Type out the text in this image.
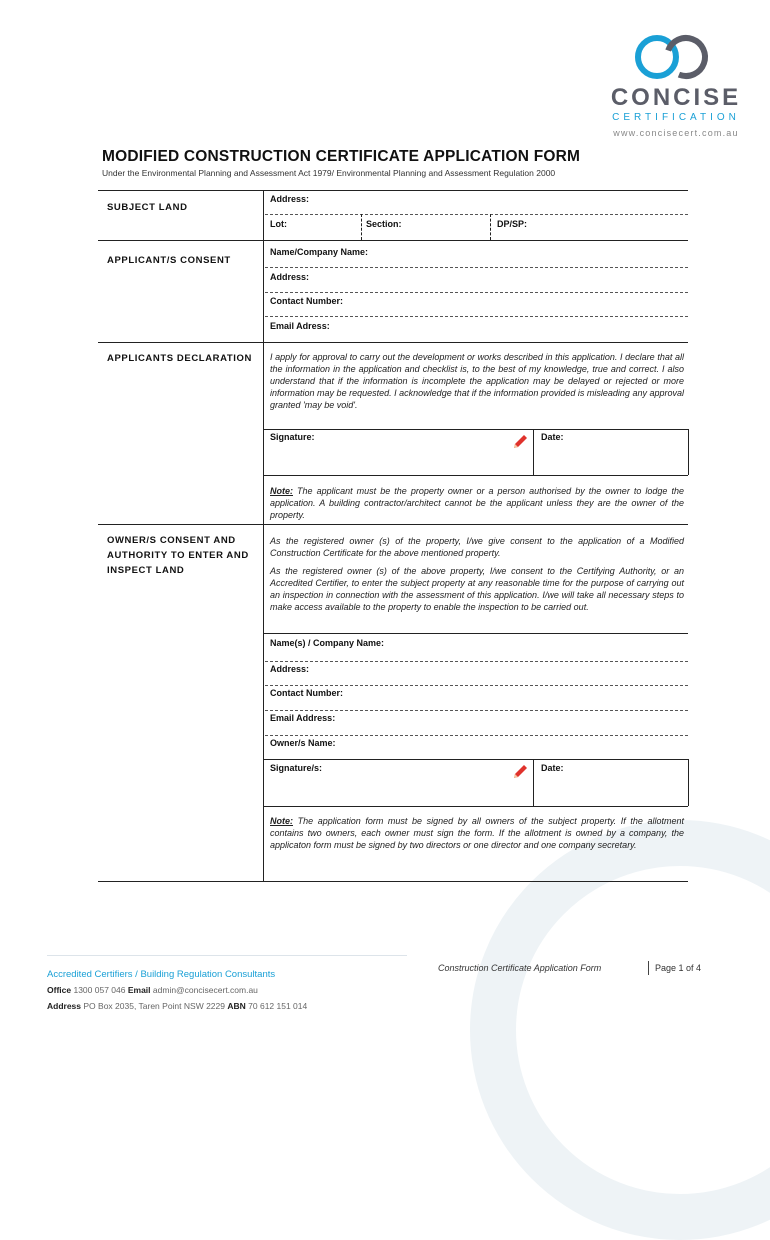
CONCISE
CERTIFICATION
www.concisecert.com.au
MODIFIED CONSTRUCTION CERTIFICATE APPLICATION FORM
Under the Environmental Planning and Assessment Act 1979/ Environmental Planning and Assessment Regulation 2000
SUBJECT LAND
Address:
Lot:	Section:	DP/SP:
APPLICANT/S CONSENT
Name/Company Name:
Address:
Contact Number:
Email Adress:
APPLICANTS DECLARATION I apply for approval to carry out the development or works described in this application. I declare that all the information in the application and checklist is, to the best of my knowledge, true and correct. I also understand that if the information is incomplete the application may be delayed or rejected or more information may be requested. I acknowledge that if the information provided is misleading any approval granted 'may be void'.
Signature:	Date:
Note: The applicant must be the property owner or a person authorised by the owner to lodge the application. A building contractor/architect cannot be the applicant unless they are the owner of the property.
OWNER/S CONSENT AND
AUTHORITY TO ENTER AND
INSPECT LAND
As the registered owner (s) of the property, I/we give consent to the application of a Modified Construction Certificate for the above mentioned property.
As the registered owner (s) of the above property, I/we consent to the Certifying Authority, or an Accredited Certifier, to enter the subject property at any reasonable time for the purpose of carrying out an inspection in connection with the assessment of this application. I/we will take all necessary steps to make access available to the property to enable the inspection to be carried out.
Name(s) / Company Name:
Address:
Contact Number:
Email Address:
Owner/s Name:
Signature/s:	Date:
Note: The application form must be signed by all owners of the subject property. If the allotment contains two owners, each owner must sign the form. If the allotment is owned by a company, the applicaton form must be signed by two directors or one director and one company secretary.
Accredited Certifiers / Building Regulation Consultants
Office 1300 057 046 Email admin@concisecert.com.au
Address PO Box 2035, Taren Point NSW 2229 ABN 70 612 151 014
Construction Certificate Application Form	Page 1 of 4
